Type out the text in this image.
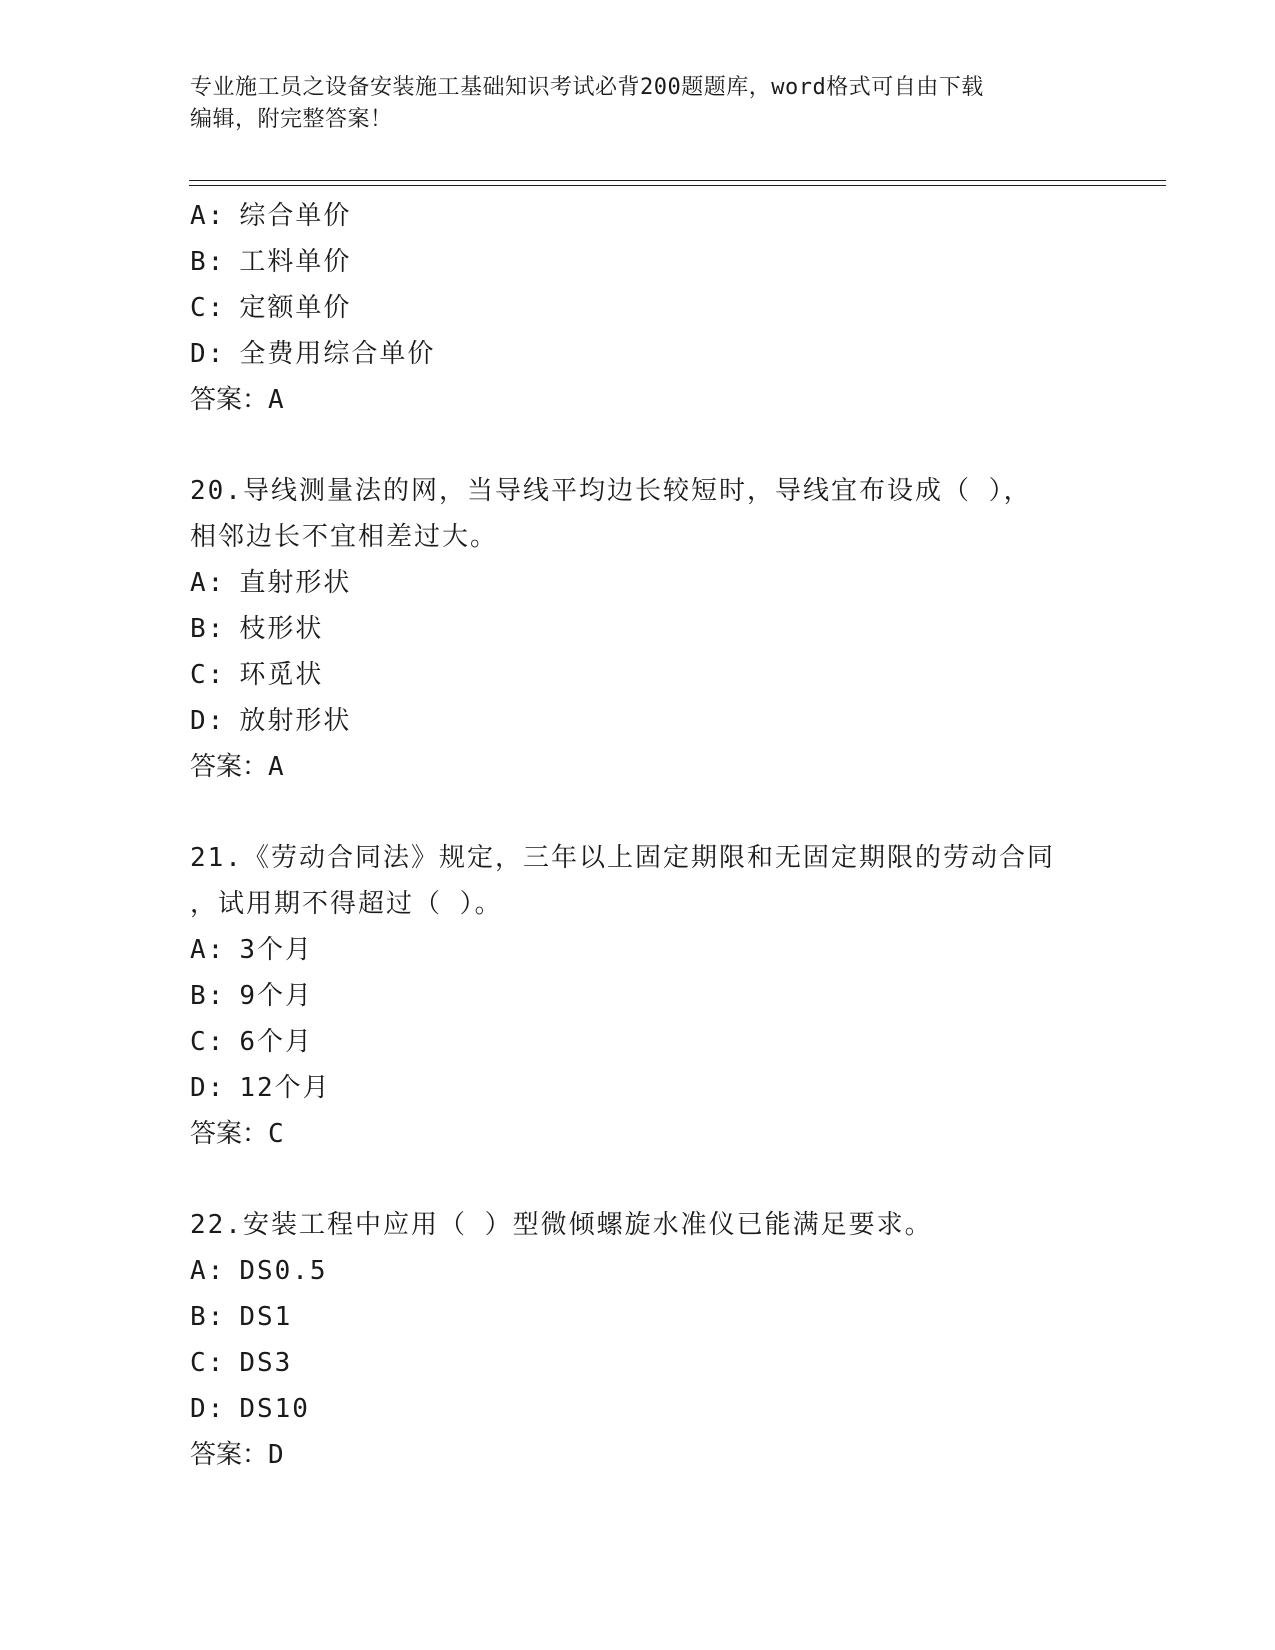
专业施工员之设备安装施工基础知识考试必背200题题库，word格式可自由下载
编辑，附完整答案！
A: 综合单价
B: 工料单价
C: 定额单价
D: 全费用综合单价
答案：A
20.导线测量法的网，当导线平均边长较短时，导线宜布设成（ ），
相邻边长不宜相差过大。
A: 直射形状
B: 枝形状
C: 环觅状
D: 放射形状
答案：A
21.《劳动合同法》规定，三年以上固定期限和无固定期限的劳动合同
，试用期不得超过（ ）。
A: 3个月
B: 9个月
C: 6个月
D: 12个月
答案：C
22.安装工程中应用（ ）型微倾螺旋水准仪已能满足要求。
A: DS0.5
B: DS1
C: DS3
D: DS10
答案：D
